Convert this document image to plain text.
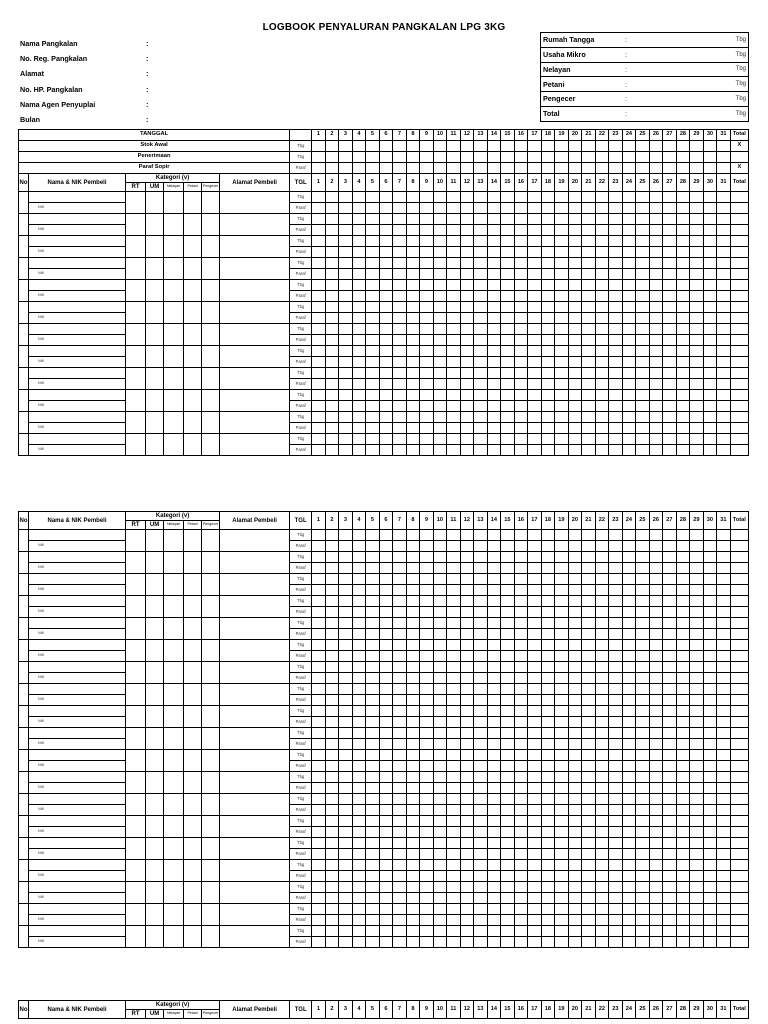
LOGBOOK PENYALURAN PANGKALAN LPG 3KG
Nama Pangkalan	:
No. Reg. Pangkalan	:
Alamat	:
No. HP. Pangkalan	:
Nama Agen Penyuplai	:
Bulan	:
Rumah Tangga	:	Tbg
Usaha Mikro	:	Tbg
Nelayan	:	Tbg
Petani	:	Tbg
Pengecer	:	Tbg
Total	:	Tbg
TANGGAL									1	2	3	4	5	6	7	8	9	10	11	12	13	14	15	16	17	18	19	20	21	22	23	24	25	26	27	28	29	30	31	Total
Stok Awal								Tbg																																X
Penerimaan								Tbg																																
Paraf Sopir								Paraf																																X
No	Nama & NIK Pembeli	Kategori (v)					Alamat Pembeli	TGL	1	2	3	4	5	6	7	8	9	10	11	12	13	14	15	16	17	18	19	20	21	22	23	24	25	26	27	28	29	30	31	Total
		RT	UM	Nelayan	Petani	Pengecer																																		
								Tbg																																
	NIK							Paraf																																
								Tbg																																
	NIK							Paraf																																
								Tbg																																
	NIK							Paraf																																
								Tbg																																
	NIK							Paraf																																
								Tbg																																
	NIK							Paraf																																
								Tbg																																
	NIK							Paraf																																
								Tbg																																
	NIK							Paraf																																
								Tbg																																
	NIK							Paraf																																
								Tbg																																
	NIK							Paraf																																
								Tbg																																
	NIK							Paraf																																
								Tbg																																
	NIK							Paraf																																
								Tbg																																
	NIK							Paraf																																
No	Nama & NIK Pembeli	Kategori (v)					Alamat Pembeli	TGL	1	2	3	4	5	6	7	8	9	10	11	12	13	14	15	16	17	18	19	20	21	22	23	24	25	26	27	28	29	30	31	Total
		RT	UM	Nelayan	Petani	Pengecer																																		
								Tbg																																
	NIK							Paraf																																
								Tbg																																
	NIK							Paraf																																
								Tbg																																
	NIK							Paraf																																
								Tbg																																
	NIK							Paraf																																
								Tbg																																
	NIK							Paraf																																
								Tbg																																
	NIK							Paraf																																
								Tbg																																
	NIK							Paraf																																
								Tbg																																
	NIK							Paraf																																
								Tbg																																
	NIK							Paraf																																
								Tbg																																
	NIK							Paraf																																
								Tbg																																
	NIK							Paraf																																
								Tbg																																
	NIK							Paraf																																
								Tbg																																
	NIK							Paraf																																
								Tbg																																
	NIK							Paraf																																
								Tbg																																
	NIK							Paraf																																
								Tbg																																
	NIK							Paraf																																
								Tbg																																
	NIK							Paraf																																
								Tbg																																
	NIK							Paraf																																
								Tbg																																
	NIK							Paraf																																
No	Nama & NIK Pembeli	Kategori (v)					Alamat Pembeli	TGL	1	2	3	4	5	6	7	8	9	10	11	12	13	14	15	16	17	18	19	20	21	22	23	24	25	26	27	28	29	30	31	Total
		RT	UM	Nelayan	Petani	Pengecer																																		
